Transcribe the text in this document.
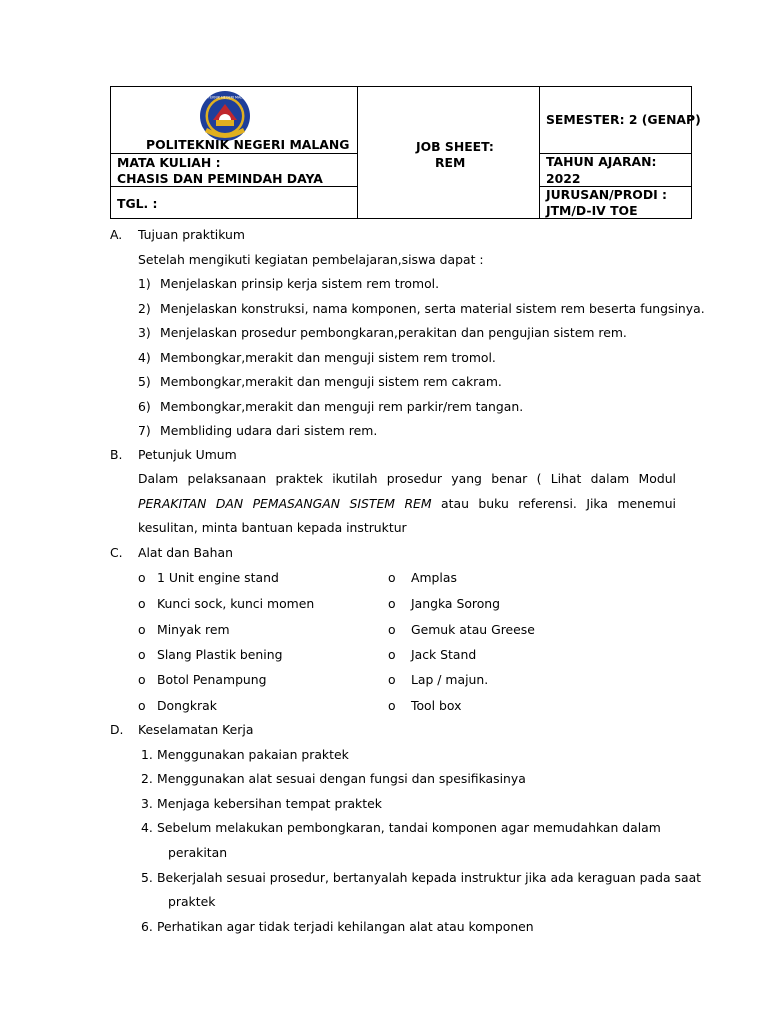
POLITEKNIK NEGERI MALANG
POLITEKNIK NEGERI MALANG
MATA KULIAH :
CHASIS DAN PEMINDAH DAYA
TGL. :
JOB SHEET:
REM
SEMESTER: 2 (GENAP)
TAHUN AJARAN:
2022
JURUSAN/PRODI :
JTM/D-IV TOE
A. Tujuan praktikum
Setelah mengikuti kegiatan pembelajaran,siswa dapat :
1) Menjelaskan prinsip kerja sistem rem tromol.
2) Menjelaskan konstruksi, nama komponen, serta material sistem rem beserta fungsinya.
3) Menjelaskan prosedur pembongkaran,perakitan dan pengujian sistem rem.
4) Membongkar,merakit dan menguji sistem rem tromol.
5) Membongkar,merakit dan menguji sistem rem cakram.
6) Membongkar,merakit dan menguji rem parkir/rem tangan.
7) Membliding udara dari sistem rem.
B. Petunjuk Umum
Dalam pelaksanaan praktek ikutilah prosedur yang benar ( Lihat dalam Modul PERAKITAN DAN PEMASANGAN SISTEM REM atau buku referensi. Jika menemui kesulitan, minta bantuan kepada instruktur
C. Alat dan Bahan
o 1 Unit engine stand
o Kunci sock, kunci momen
o Minyak rem
o Slang Plastik bening
o Botol Penampung
o Dongkrak
o Amplas
o Jangka Sorong
o Gemuk atau Greese
o Jack Stand
o Lap / majun.
o Tool box
D. Keselamatan Kerja
1. Menggunakan pakaian praktek
2. Menggunakan alat sesuai dengan fungsi dan spesifikasinya
3. Menjaga kebersihan tempat praktek
4. Sebelum melakukan pembongkaran, tandai komponen agar memudahkan dalam
perakitan
5. Bekerjalah sesuai prosedur, bertanyalah kepada instruktur jika ada keraguan pada saat
praktek
6. Perhatikan agar tidak terjadi kehilangan alat atau komponen
